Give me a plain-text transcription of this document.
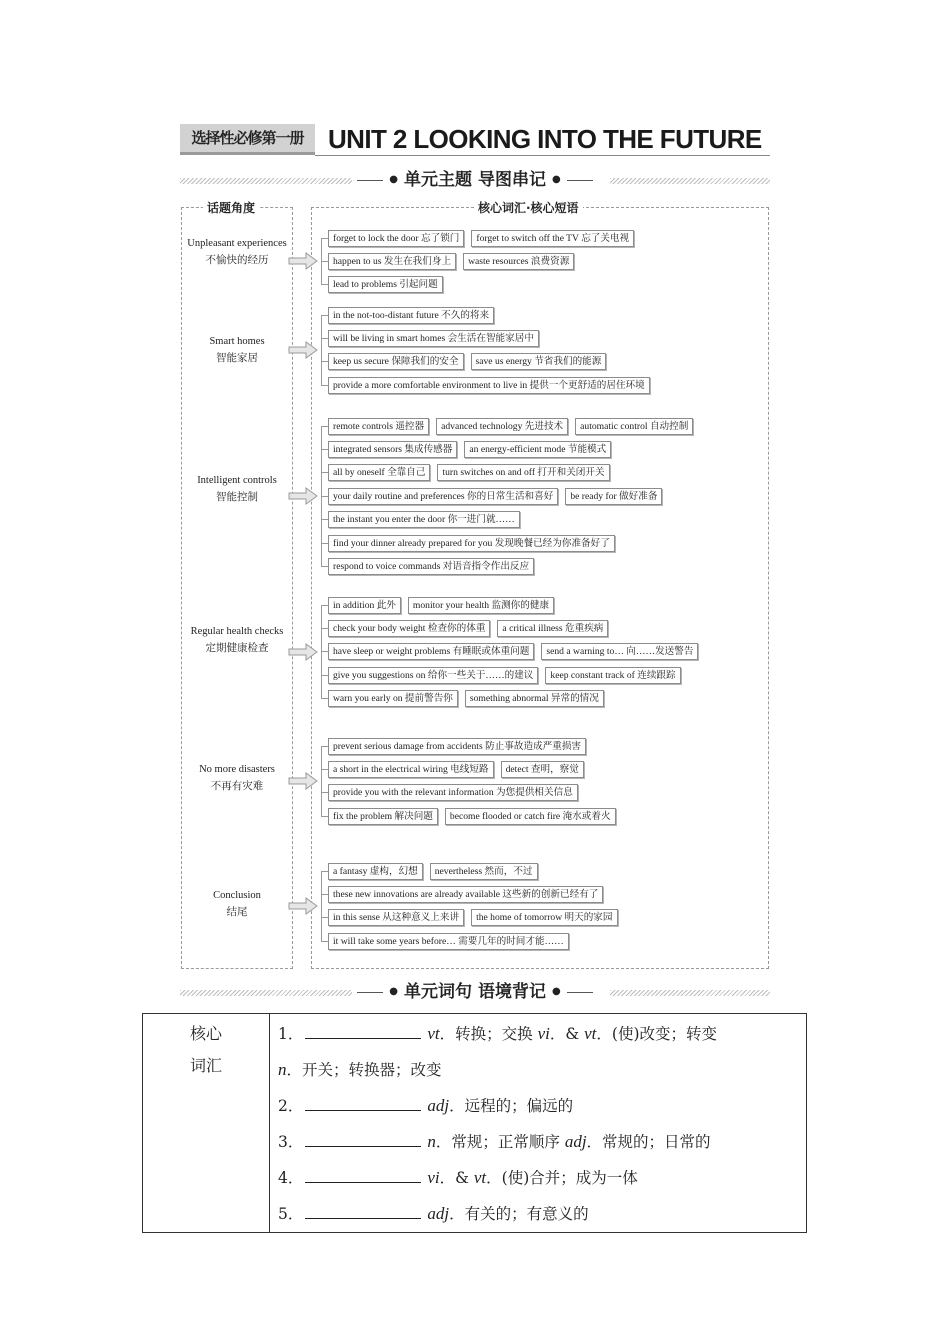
选择性必修第一册 UNIT 2 LOOKING INTO THE FUTURE
● 单元主题 导图串记 ●
话题角度	核心词汇·核心短语
Unpleasant experiences
不愉快的经历
forget to lock the door 忘了锁门	forget to switch off the TV 忘了关电视
happen to us 发生在我们身上	waste resources 浪费资源
lead to problems 引起问题
Smart homes
智能家居
in the not-too-distant future 不久的将来
will be living in smart homes 会生活在智能家居中
keep us secure 保障我们的安全	save us energy 节省我们的能源
provide a more comfortable environment to live in 提供一个更舒适的居住环境
Intelligent controls
智能控制
remote controls 遥控器	advanced technology 先进技术	automatic control 自动控制
integrated sensors 集成传感器	an energy-efficient mode 节能模式
all by oneself 全靠自己	turn switches on and off 打开和关闭开关
your daily routine and preferences 你的日常生活和喜好	be ready for 做好准备
the instant you enter the door 你一进门就……
find your dinner already prepared for you 发现晚餐已经为你准备好了
respond to voice commands 对语音指令作出反应
Regular health checks
定期健康检查
in addition 此外	monitor your health 监测你的健康
check your body weight 检查你的体重	a critical illness 危重疾病
have sleep or weight problems 有睡眠或体重问题	send a warning to… 向……发送警告
give you suggestions on 给你一些关于……的建议	keep constant track of 连续跟踪
warn you early on 提前警告你	something abnormal 异常的情况
No more disasters
不再有灾难
prevent serious damage from accidents 防止事故造成严重损害
a short in the electrical wiring 电线短路	detect 查明，察觉
provide you with the relevant information 为您提供相关信息
fix the problem 解决问题	become flooded or catch fire 淹水或着火
Conclusion
结尾
a fantasy 虚构，幻想	nevertheless 然而，不过
these new innovations are already available 这些新的创新已经有了
in this sense 从这种意义上来讲	the home of tomorrow 明天的家园
it will take some years before… 需要几年的时间才能……
● 单元词句 语境背记 ●
核心
词汇

1．	vt．转换；交换 vi．& vt．(使)改变；转变
n．开关；转换器；改变
2．	adj．远程的；偏远的
3．	n．常规；正常顺序 adj．常规的；日常的
4．	vi．& vt．(使)合并；成为一体
5．	adj．有关的；有意义的
